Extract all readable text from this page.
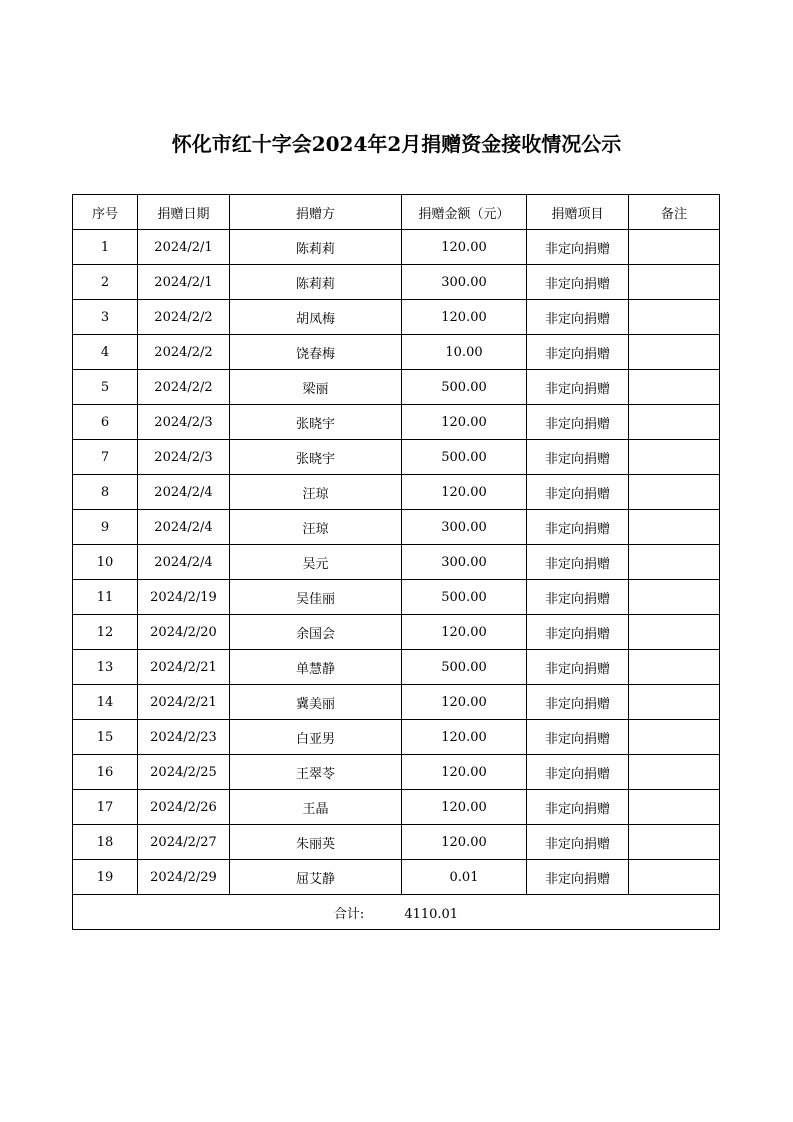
怀化市红十字会2024年2月捐赠资金接收情况公示
序号	捐赠日期	捐赠方	捐赠金额（元）	捐赠项目	备注
1	2024/2/1	陈莉莉	120.00	非定向捐赠	
2	2024/2/1	陈莉莉	300.00	非定向捐赠	
3	2024/2/2	胡凤梅	120.00	非定向捐赠	
4	2024/2/2	饶春梅	10.00	非定向捐赠	
5	2024/2/2	梁丽	500.00	非定向捐赠	
6	2024/2/3	张晓宇	120.00	非定向捐赠	
7	2024/2/3	张晓宇	500.00	非定向捐赠	
8	2024/2/4	汪琼	120.00	非定向捐赠	
9	2024/2/4	汪琼	300.00	非定向捐赠	
10	2024/2/4	吴元	300.00	非定向捐赠	
11	2024/2/19	吴佳丽	500.00	非定向捐赠	
12	2024/2/20	余国会	120.00	非定向捐赠	
13	2024/2/21	单慧静	500.00	非定向捐赠	
14	2024/2/21	冀美丽	120.00	非定向捐赠	
15	2024/2/23	白亚男	120.00	非定向捐赠	
16	2024/2/25	王翠苓	120.00	非定向捐赠	
17	2024/2/26	王晶	120.00	非定向捐赠	
18	2024/2/27	朱丽英	120.00	非定向捐赠	
19	2024/2/29	屈艾静	0.01	非定向捐赠	
合计: 4110.01					
